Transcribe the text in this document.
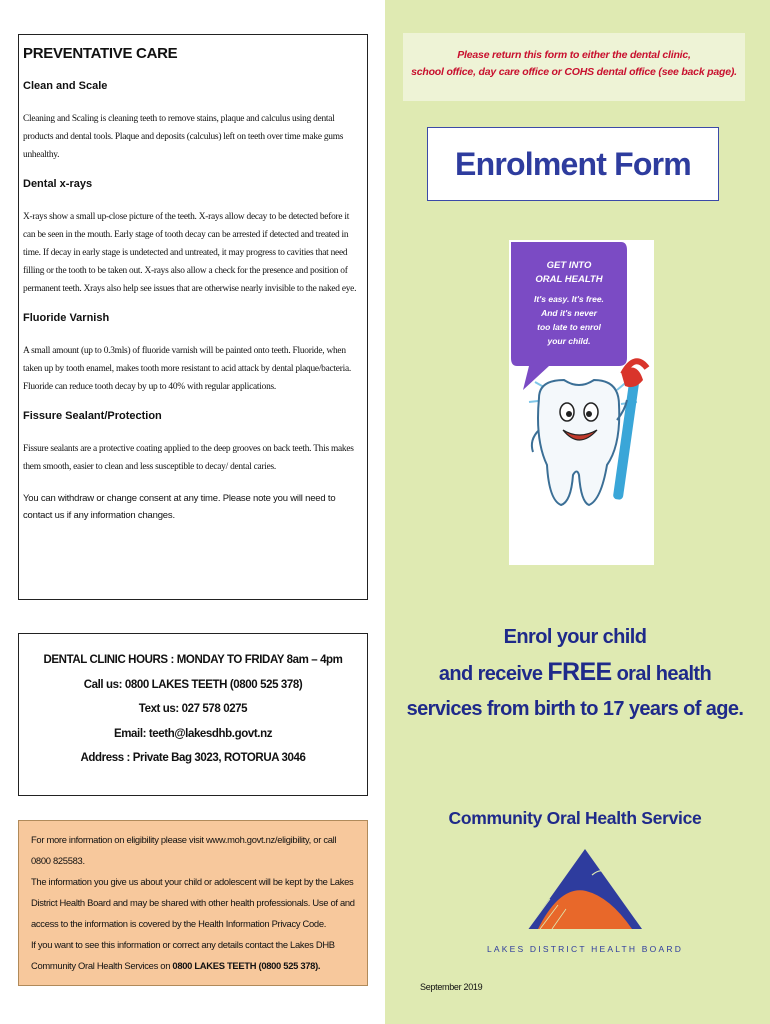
PREVENTATIVE CARE
Clean and Scale

Cleaning and Scaling is cleaning teeth to remove stains, plaque and calculus using dental products and dental tools. Plaque and deposits (calculus) left on teeth over time make gums unhealthy.

Dental x-rays

X-rays show a small up-close picture of the teeth. X-rays allow decay to be detected before it can be seen in the mouth. Early stage of tooth decay can be arrested if detected and treated in time. If decay in early stage is undetected and untreated, it may progress to cavities that need filling or the tooth to be taken out. X-rays also allow a check for the presence and position of permanent teeth. Xrays also help see issues that are otherwise nearly invisible to the naked eye.

Fluoride Varnish

A small amount (up to 0.3mls) of fluoride varnish will be painted onto teeth. Fluoride, when taken up by tooth enamel, makes tooth more resistant to acid attack by dental plaque/bacteria. Fluoride can reduce tooth decay by up to 40% with regular applications.

Fissure Sealant/Protection

Fissure sealants are a protective coating applied to the deep grooves on back teeth. This makes them smooth, easier to clean and less susceptible to decay/ dental caries.

You can withdraw or change consent at any time. Please note you will need to contact us if any information changes.

DENTAL CLINIC HOURS : MONDAY TO FRIDAY 8am – 4pm
Call us: 0800 LAKES TEETH (0800 525 378)
Text us: 027 578 0275
Email: teeth@lakesdhb.govt.nz
Address : Private Bag 3023, ROTORUA 3046

For more information on eligibility please visit www.moh.govt.nz/eligibility, or call 0800 825583.

The information you give us about your child or adolescent will be kept by the Lakes District Health Board and may be shared with other health professionals. Use of and access to the information is covered by the Health Information Privacy Code.

If you want to see this information or correct any details contact the Lakes DHB Community Oral Health Services on 0800 LAKES TEETH (0800 525 378).

Please return this form to either the dental clinic,
school office, day care office or COHS dental office (see back page).
Enrolment Form
GET INTO
ORAL HEALTH
It's easy. It's free.
And it's never
too late to enrol
your child.
Enrol your child
and receive FREE oral health
services from birth to 17 years of age.
Community Oral Health Service
LAKES DISTRICT HEALTH BOARD
September 2019
